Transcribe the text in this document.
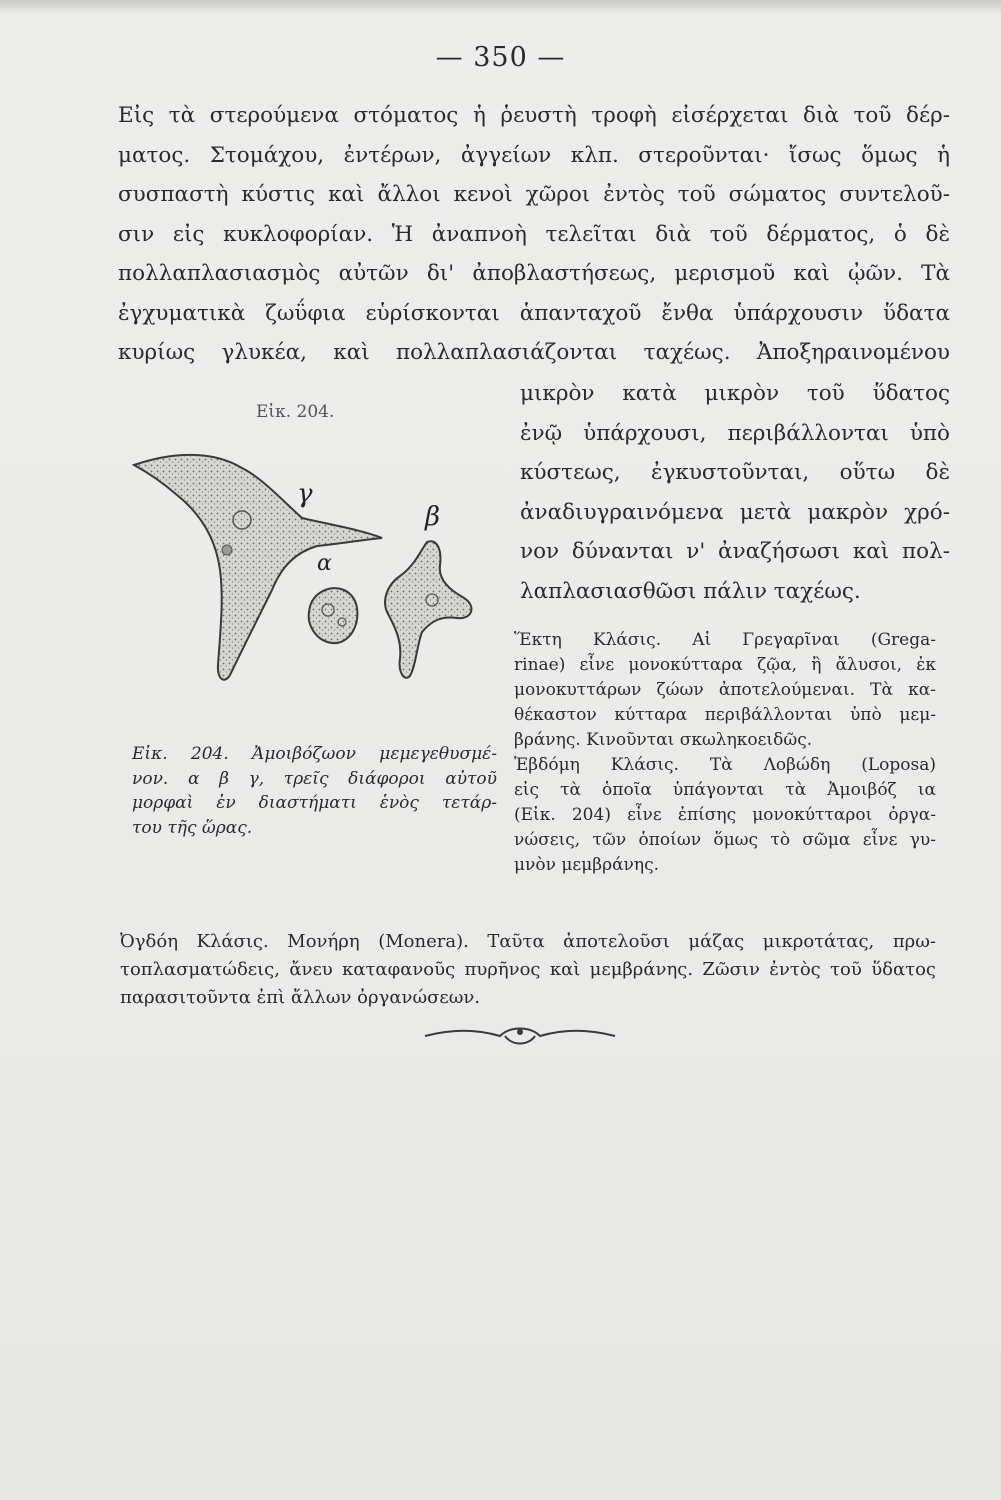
— 350 —
Εἰς τὰ στερούμενα στόματος ἡ ῥευστὴ τροφὴ εἰσέρχεται διὰ τοῦ δέρ-
ματος. Στομάχου, ἐντέρων, ἀγγείων κλπ. στεροῦνται· ἴσως ὅμως ἡ
συσπαστὴ κύστις καὶ ἄλλοι κενοὶ χῶροι ἐντὸς τοῦ σώματος συντελοῦ-
σιν εἰς κυκλοφορίαν. Ἡ ἀναπνοὴ τελεῖται διὰ τοῦ δέρματος, ὁ δὲ
πολλαπλασιασμὸς αὐτῶν δι' ἀποβλαστήσεως, μερισμοῦ καὶ ᾠῶν. Τὰ
ἐγχυματικὰ ζωΰφια εὑρίσκονται ἁπανταχοῦ ἔνθα ὑπάρχουσιν ὕδατα
κυρίως γλυκέα, καὶ πολλαπλασιάζονται ταχέως. Ἀποξηραινομένου
μικρὸν κατὰ μικρὸν τοῦ ὕδατος
ἐνῷ ὑπάρχουσι, περιβάλλονται ὑπὸ
κύστεως, ἐγκυστοῦνται, οὕτω δὲ
ἀναδιυγραινόμενα μετὰ μακρὸν χρό-
νον δύνανται ν' ἀναζήσωσι καὶ πολ-
λαπλασιασθῶσι πάλιν ταχέως.
Εἰκ. 204.
γ
β
α
Εἰκ. 204. Ἀμοιβόζωον μεμεγεθυσμέ-
νον. α β γ, τρεῖς διάφοροι αὐτοῦ
μορφαὶ ἐν διαστήματι ἑνὸς τετάρ-
του τῆς ὥρας.
Ἕκτη Κλάσις. Αἱ Γρεγαρῖναι (Grega-
rinae) εἶνε μονοκύτταρα ζῷα, ἢ ἄλυσοι, ἐκ
μονοκυττάρων ζώων ἀποτελούμεναι. Τὰ κα-
θέκαστον κύτταρα περιβάλλονται ὑπὸ μεμ-
βράνης. Κινοῦνται σκωληκοειδῶς.
Ἑβδόμη Κλάσις. Τὰ Λοβώδη (Loposa)
εἰς τὰ ὁποῖα ὑπάγονται τὰ Ἀμοιβόζ ια
(Εἰκ. 204) εἶνε ἐπίσης μονοκύτταροι ὀργα-
νώσεις, τῶν ὁποίων ὅμως τὸ σῶμα εἶνε γυ-
μνὸν μεμβράνης.
Ὀγδόη Κλάσις. Μονήρη (Monera). Ταῦτα ἀποτελοῦσι μάζας μικροτάτας, πρω-
τοπλασματώδεις, ἄνευ καταφανοῦς πυρῆνος καὶ μεμβράνης. Ζῶσιν ἐντὸς τοῦ ὕδατος
παρασιτοῦντα ἐπὶ ἄλλων ὀργανώσεων.
